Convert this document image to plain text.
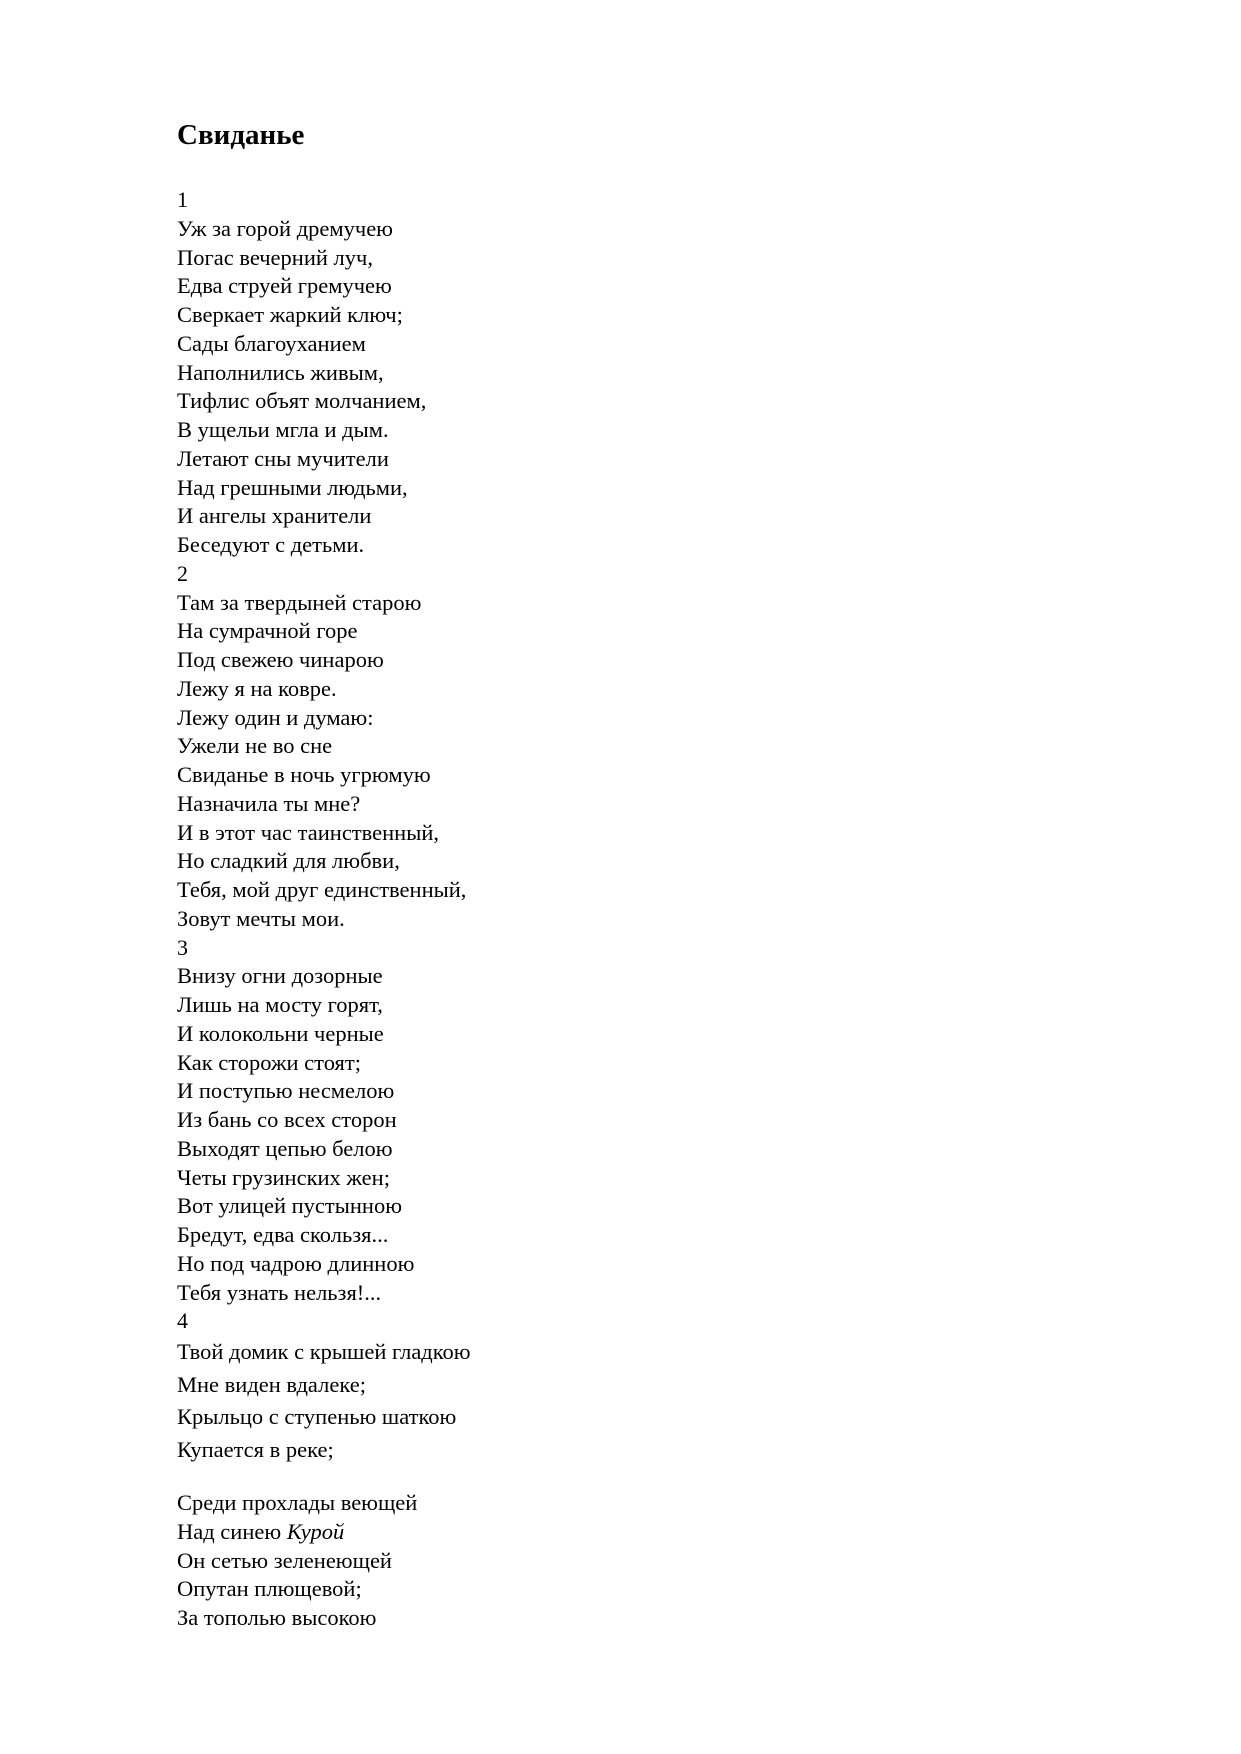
Свиданье
1
Уж за горой дремучею
Погас вечерний луч,
Едва струей гремучею
Сверкает жаркий ключ;
Сады благоуханием
Наполнились живым,
Тифлис объят молчанием,
В ущельи мгла и дым.
Летают сны мучители
Над грешными людьми,
И ангелы хранители
Беседуют с детьми.
2
Там за твердыней старою
На сумрачной горе
Под свежею чинарою
Лежу я на ковре.
Лежу один и думаю:
Ужели не во сне
Свиданье в ночь угрюмую
Назначила ты мне?
И в этот час таинственный,
Но сладкий для любви,
Тебя, мой друг единственный,
Зовут мечты мои.
3
Внизу огни дозорные
Лишь на мосту горят,
И колокольни черные
Как сторожи стоят;
И поступью несмелою
Из бань со всех сторон
Выходят цепью белою
Четы грузинских жен;
Вот улицей пустынною
Бредут, едва скользя...
Но под чадрою длинною
Тебя узнать нельзя!...
4
Твой домик с крышей гладкою
Мне виден вдалеке;
Крыльцо с ступенью шаткою
Купается в реке;
Среди прохлады веющей
Над синею Курой
Он сетью зеленеющей
Опутан плющевой;
За тополью высокою
